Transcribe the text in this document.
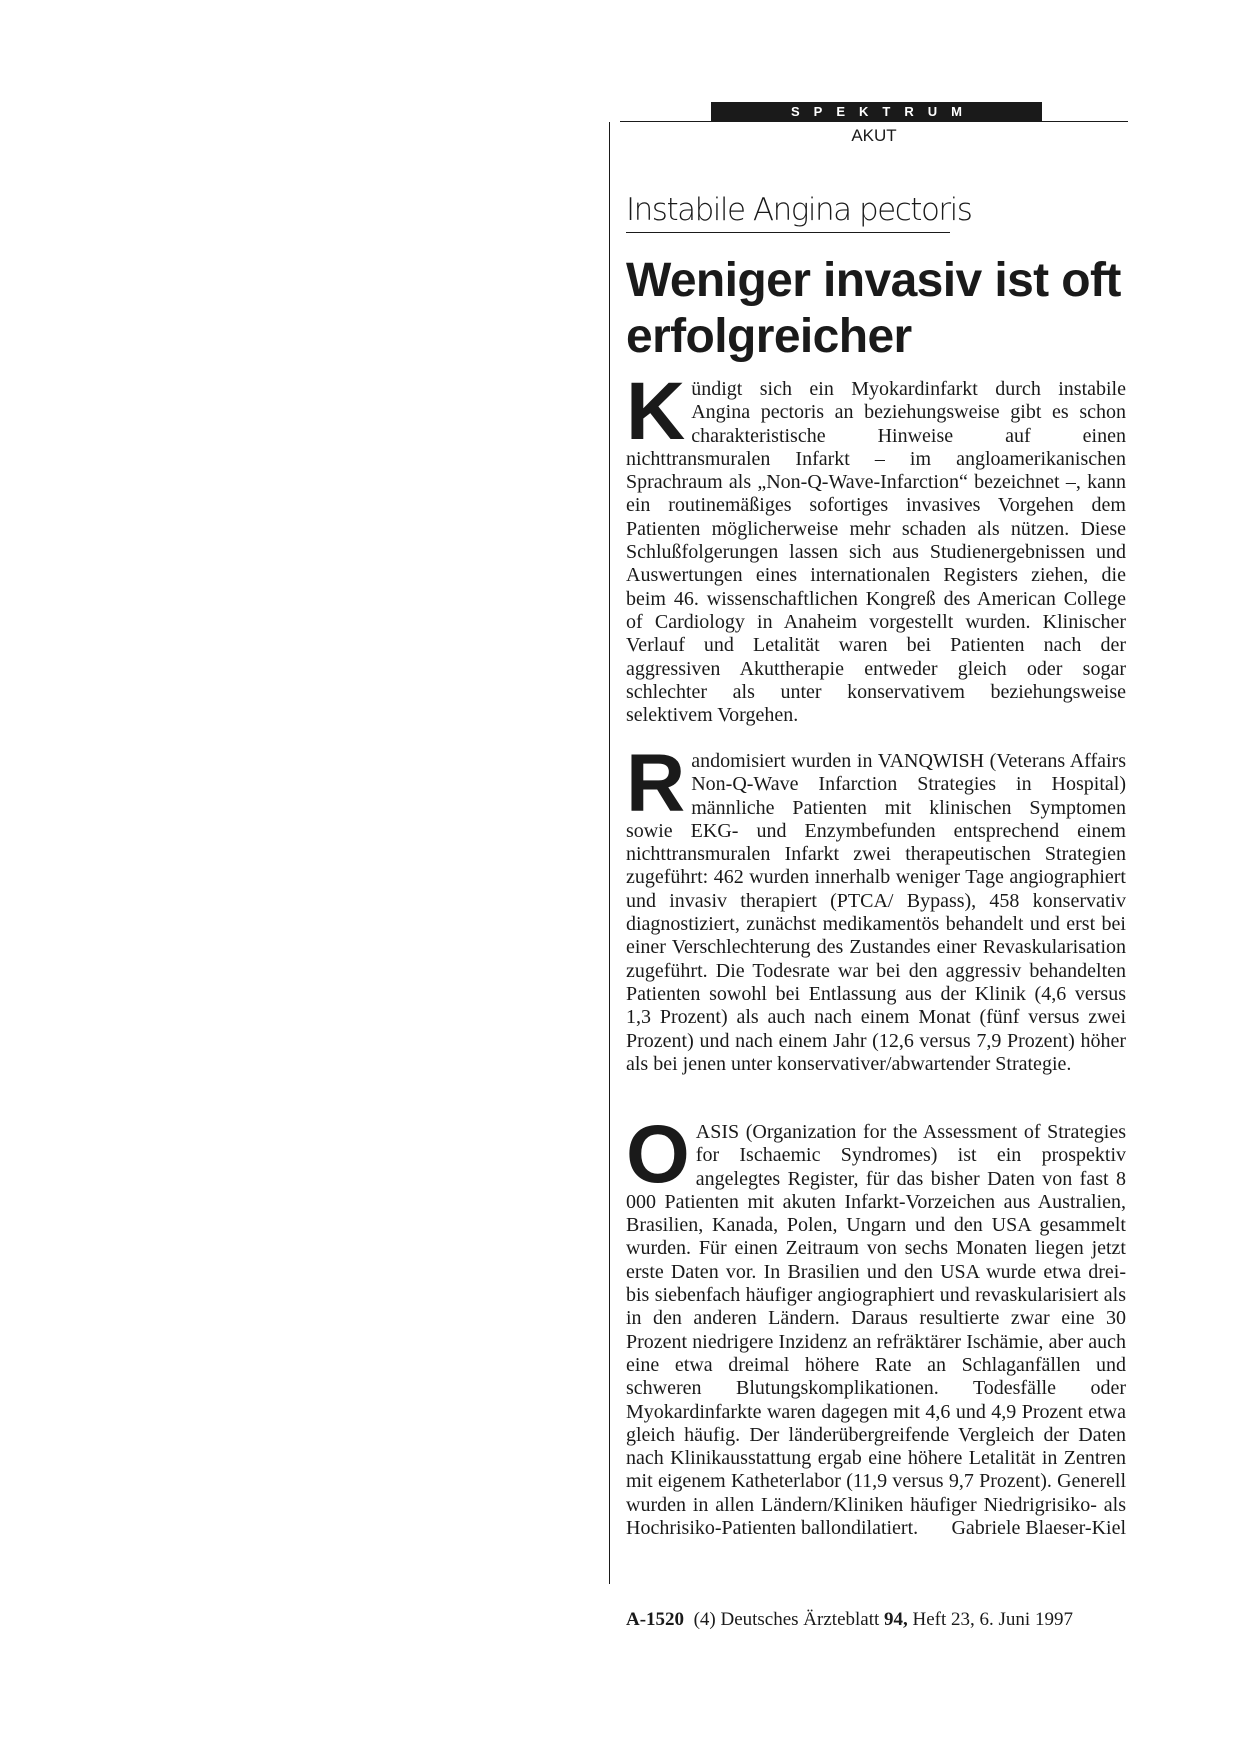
SPEKTRUM
AKUT
Instabile Angina pectoris
Weniger invasiv ist oft erfolgreicher

Kündigt sich ein Myokardinfarkt durch instabile Angina pectoris an beziehungsweise gibt es schon charakteristische Hinweise auf einen nichttransmuralen Infarkt – im angloamerikanischen Sprachraum als „Non-Q-Wave-Infarction“ bezeichnet –, kann ein routinemäßiges sofortiges invasives Vorgehen dem Patienten möglicherweise mehr schaden als nützen. Diese Schlußfolgerungen lassen sich aus Studienergebnissen und Auswertungen eines internationalen Registers ziehen, die beim 46. wissenschaftlichen Kongreß des American College of Cardiology in Anaheim vorgestellt wurden. Klinischer Verlauf und Letalität waren bei Patienten nach der aggressiven Akuttherapie entweder gleich oder sogar schlechter als unter konservativem beziehungsweise selektivem Vorgehen.

Randomisiert wurden in VANQWISH (Veterans Affairs Non-Q-Wave Infarction Strategies in Hospital) männliche Patienten mit klinischen Symptomen sowie EKG- und Enzymbefunden entsprechend einem nichttransmuralen Infarkt zwei therapeutischen Strategien zugeführt: 462 wurden innerhalb weniger Tage angiographiert und invasiv therapiert (PTCA/ Bypass), 458 konservativ diagnostiziert, zunächst medikamentös behandelt und erst bei einer Verschlechterung des Zustandes einer Revaskularisation zugeführt. Die Todesrate war bei den aggressiv behandelten Patienten sowohl bei Entlassung aus der Klinik (4,6 versus 1,3 Prozent) als auch nach einem Monat (fünf versus zwei Prozent) und nach einem Jahr (12,6 versus 7,9 Prozent) höher als bei jenen unter konservativer/abwartender Strategie.

OASIS (Organization for the Assessment of Strategies for Ischaemic Syndromes) ist ein prospektiv angelegtes Register, für das bisher Daten von fast 8 000 Patienten mit akuten Infarkt-Vorzeichen aus Australien, Brasilien, Kanada, Polen, Ungarn und den USA gesammelt wurden. Für einen Zeitraum von sechs Monaten liegen jetzt erste Daten vor. In Brasilien und den USA wurde etwa drei- bis siebenfach häufiger angiographiert und revaskularisiert als in den anderen Ländern. Daraus resultierte zwar eine 30 Prozent niedrigere Inzidenz an refräktärer Ischämie, aber auch eine etwa dreimal höhere Rate an Schlaganfällen und schweren Blutungskomplikationen. Todesfälle oder Myokardinfarkte waren dagegen mit 4,6 und 4,9 Prozent etwa gleich häufig. Der länderübergreifende Vergleich der Daten nach Klinikausstattung ergab eine höhere Letalität in Zentren mit eigenem Katheterlabor (11,9 versus 9,7 Prozent). Generell wurden in allen Ländern/Kliniken häufiger Niedrigrisiko- als Hochrisiko-Patienten ballondilatiert. Gabriele Blaeser-Kiel

A-1520 (4) Deutsches Ärzteblatt 94, Heft 23, 6. Juni 1997
